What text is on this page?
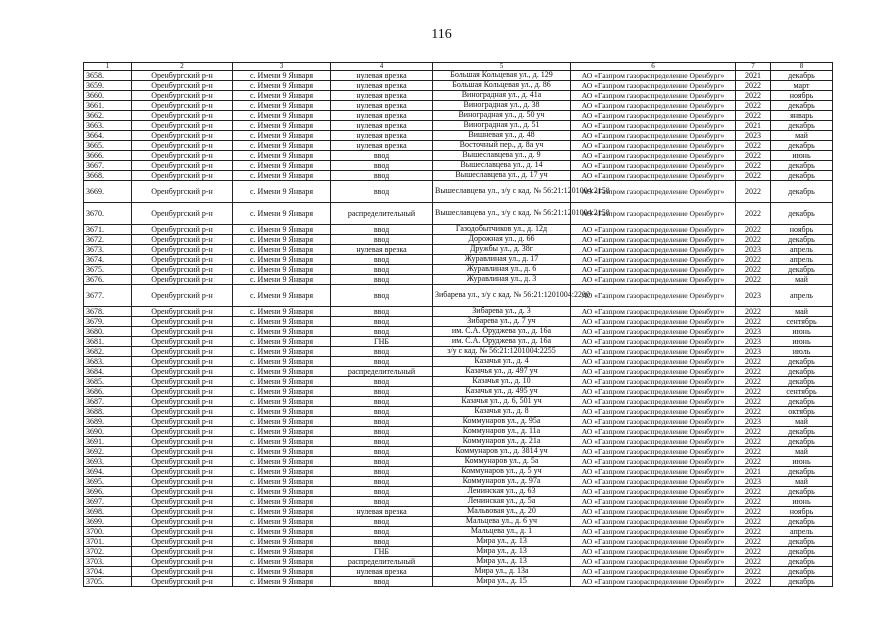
116
1	2	3	4	5	6	7	8
3658.	Оренбургский р-н	с. Имени 9 Января	нулевая врезка	Большая Кольцевая ул., д. 129	АО «Газпром газораспределение Оренбург»	2021	декабрь
3659.	Оренбургский р-н	с. Имени 9 Января	нулевая врезка	Большая Кольцевая ул., д. 86	АО «Газпром газораспределение Оренбург»	2022	март
3660.	Оренбургский р-н	с. Имени 9 Января	нулевая врезка	Виноградная ул., д. 41а	АО «Газпром газораспределение Оренбург»	2022	ноябрь
3661.	Оренбургский р-н	с. Имени 9 Января	нулевая врезка	Виноградная ул., д. 38	АО «Газпром газораспределение Оренбург»	2022	декабрь
3662.	Оренбургский р-н	с. Имени 9 Января	нулевая врезка	Виноградная ул., д. 50 уч	АО «Газпром газораспределение Оренбург»	2022	январь
3663.	Оренбургский р-н	с. Имени 9 Января	нулевая врезка	Виноградная ул., д. 51	АО «Газпром газораспределение Оренбург»	2021	декабрь
3664.	Оренбургский р-н	с. Имени 9 Января	нулевая врезка	Вишневая ул., д. 48	АО «Газпром газораспределение Оренбург»	2023	май
3665.	Оренбургский р-н	с. Имени 9 Января	нулевая врезка	Восточный пер., д. 8а уч	АО «Газпром газораспределение Оренбург»	2022	декабрь
3666.	Оренбургский р-н	с. Имени 9 Января	ввод	Вышеславцева ул., д. 9	АО «Газпром газораспределение Оренбург»	2022	июнь
3667.	Оренбургский р-н	с. Имени 9 Января	ввод	Вышеславцева ул., д. 14	АО «Газпром газораспределение Оренбург»	2022	декабрь
3668.	Оренбургский р-н	с. Имени 9 Января	ввод	Вышеславцева ул., д. 17 уч	АО «Газпром газораспределение Оренбург»	2022	декабрь
3669.	Оренбургский р-н	с. Имени 9 Января	ввод	Вышеславцева ул., з/у с кад. № 56:21:1201004:2158	АО «Газпром газораспределение Оренбург»	2022	декабрь
3670.	Оренбургский р-н	с. Имени 9 Января	распределительный	Вышеславцева ул., з/у с кад. № 56:21:1201004:2158	АО «Газпром газораспределение Оренбург»	2022	декабрь
3671.	Оренбургский р-н	с. Имени 9 Января	ввод	Газодобытчиков ул., д. 12д	АО «Газпром газораспределение Оренбург»	2022	ноябрь
3672.	Оренбургский р-н	с. Имени 9 Января	ввод	Дорожная ул., д. 66	АО «Газпром газораспределение Оренбург»	2022	декабрь
3673.	Оренбургский р-н	с. Имени 9 Января	нулевая врезка	Дружбы ул., д. 38г	АО «Газпром газораспределение Оренбург»	2023	апрель
3674.	Оренбургский р-н	с. Имени 9 Января	ввод	Журавлиная ул., д. 17	АО «Газпром газораспределение Оренбург»	2022	апрель
3675.	Оренбургский р-н	с. Имени 9 Января	ввод	Журавлиная ул., д. 6	АО «Газпром газораспределение Оренбург»	2022	декабрь
3676.	Оренбургский р-н	с. Имени 9 Января	ввод	Журавлиная ул., д. 3	АО «Газпром газораспределение Оренбург»	2022	май
3677.	Оренбургский р-н	с. Имени 9 Января	ввод	Зибарева ул., з/у с кад. № 56:21:1201004:2200	АО «Газпром газораспределение Оренбург»	2023	апрель
3678.	Оренбургский р-н	с. Имени 9 Января	ввод	Зибарева ул., д. 3	АО «Газпром газораспределение Оренбург»	2022	май
3679.	Оренбургский р-н	с. Имени 9 Января	ввод	Зибарева ул., д. 7 уч	АО «Газпром газораспределение Оренбург»	2022	сентябрь
3680.	Оренбургский р-н	с. Имени 9 Января	ввод	им. С.А. Оруджева ул., д. 16а	АО «Газпром газораспределение Оренбург»	2023	июнь
3681.	Оренбургский р-н	с. Имени 9 Января	ГНБ	им. С.А. Оруджева ул., д. 16а	АО «Газпром газораспределение Оренбург»	2023	июнь
3682.	Оренбургский р-н	с. Имени 9 Января	ввод	з/у с кад. № 56:21:1201004:2255	АО «Газпром газораспределение Оренбург»	2023	июль
3683.	Оренбургский р-н	с. Имени 9 Января	ввод	Казачья ул., д. 4	АО «Газпром газораспределение Оренбург»	2022	декабрь
3684.	Оренбургский р-н	с. Имени 9 Января	распределительный	Казачья ул., д. 497 уч	АО «Газпром газораспределение Оренбург»	2022	декабрь
3685.	Оренбургский р-н	с. Имени 9 Января	ввод	Казачья ул., д. 10	АО «Газпром газораспределение Оренбург»	2022	декабрь
3686.	Оренбургский р-н	с. Имени 9 Января	ввод	Казачья ул., д. 495 уч	АО «Газпром газораспределение Оренбург»	2022	сентябрь
3687.	Оренбургский р-н	с. Имени 9 Января	ввод	Казачья ул., д. 6, 501 уч	АО «Газпром газораспределение Оренбург»	2022	декабрь
3688.	Оренбургский р-н	с. Имени 9 Января	ввод	Казачья ул., д. 8	АО «Газпром газораспределение Оренбург»	2022	октябрь
3689.	Оренбургский р-н	с. Имени 9 Января	ввод	Коммунаров ул., д. 95а	АО «Газпром газораспределение Оренбург»	2023	май
3690.	Оренбургский р-н	с. Имени 9 Января	ввод	Коммунаров ул., д. 11а	АО «Газпром газораспределение Оренбург»	2022	декабрь
3691.	Оренбургский р-н	с. Имени 9 Января	ввод	Коммунаров ул., д. 21а	АО «Газпром газораспределение Оренбург»	2022	декабрь
3692.	Оренбургский р-н	с. Имени 9 Января	ввод	Коммунаров ул., д. 3814 уч	АО «Газпром газораспределение Оренбург»	2022	май
3693.	Оренбургский р-н	с. Имени 9 Января	ввод	Коммунаров ул., д. 5а	АО «Газпром газораспределение Оренбург»	2022	июнь
3694.	Оренбургский р-н	с. Имени 9 Января	ввод	Коммунаров ул., д. 5 уч	АО «Газпром газораспределение Оренбург»	2021	декабрь
3695.	Оренбургский р-н	с. Имени 9 Января	ввод	Коммунаров ул., д. 97а	АО «Газпром газораспределение Оренбург»	2023	май
3696.	Оренбургский р-н	с. Имени 9 Января	ввод	Ленинская ул., д. 63	АО «Газпром газораспределение Оренбург»	2022	декабрь
3697.	Оренбургский р-н	с. Имени 9 Января	ввод	Ленинская ул., д. 5а	АО «Газпром газораспределение Оренбург»	2022	июнь
3698.	Оренбургский р-н	с. Имени 9 Января	нулевая врезка	Мальвовая ул., д. 20	АО «Газпром газораспределение Оренбург»	2022	ноябрь
3699.	Оренбургский р-н	с. Имени 9 Января	ввод	Мальцева ул., д. 6 уч	АО «Газпром газораспределение Оренбург»	2022	декабрь
3700.	Оренбургский р-н	с. Имени 9 Января	ввод	Мальцева ул., д. 1	АО «Газпром газораспределение Оренбург»	2022	апрель
3701.	Оренбургский р-н	с. Имени 9 Января	ввод	Мира ул., д. 13	АО «Газпром газораспределение Оренбург»	2022	декабрь
3702.	Оренбургский р-н	с. Имени 9 Января	ГНБ	Мира ул., д. 13	АО «Газпром газораспределение Оренбург»	2022	декабрь
3703.	Оренбургский р-н	с. Имени 9 Января	распределительный	Мира ул., д. 13	АО «Газпром газораспределение Оренбург»	2022	декабрь
3704.	Оренбургский р-н	с. Имени 9 Января	нулевая врезка	Мира ул., д. 13а	АО «Газпром газораспределение Оренбург»	2022	декабрь
3705.	Оренбургский р-н	с. Имени 9 Января	ввод	Мира ул., д. 15	АО «Газпром газораспределение Оренбург»	2022	декабрь
